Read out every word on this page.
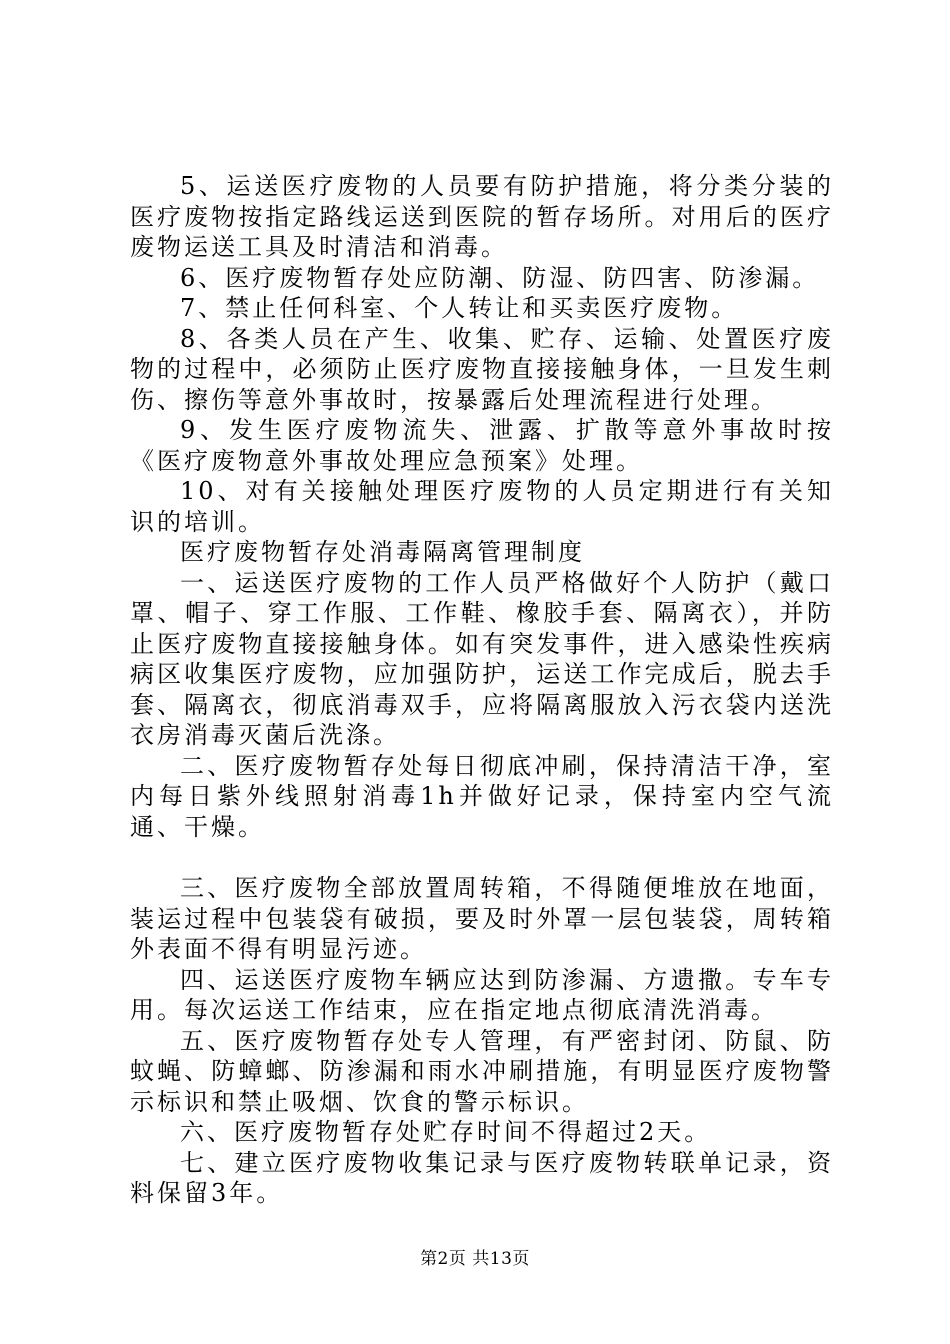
5、运送医疗废物的人员要有防护措施，将分类分装的医疗废物按指定路线运送到医院的暂存场所。对用后的医疗废物运送工具及时清洁和消毒。

6、医疗废物暂存处应防潮、防湿、防四害、防渗漏。

7、禁止任何科室、个人转让和买卖医疗废物。

8、各类人员在产生、收集、贮存、运输、处置医疗废物的过程中，必须防止医疗废物直接接触身体，一旦发生刺伤、擦伤等意外事故时，按暴露后处理流程进行处理。

9、发生医疗废物流失、泄露、扩散等意外事故时按《医疗废物意外事故处理应急预案》处理。

10、对有关接触处理医疗废物的人员定期进行有关知识的培训。

医疗废物暂存处消毒隔离管理制度

一、运送医疗废物的工作人员严格做好个人防护（戴口罩、帽子、穿工作服、工作鞋、橡胶手套、隔离衣），并防止医疗废物直接接触身体。如有突发事件，进入感染性疾病病区收集医疗废物，应加强防护，运送工作完成后，脱去手套、隔离衣，彻底消毒双手，应将隔离服放入污衣袋内送洗衣房消毒灭菌后洗涤。

二、医疗废物暂存处每日彻底冲刷，保持清洁干净，室内每日紫外线照射消毒1h并做好记录，保持室内空气流通、干燥。

三、医疗废物全部放置周转箱，不得随便堆放在地面，装运过程中包装袋有破损，要及时外罩一层包装袋，周转箱外表面不得有明显污迹。

四、运送医疗废物车辆应达到防渗漏、方遗撒。专车专用。每次运送工作结束，应在指定地点彻底清洗消毒。

五、医疗废物暂存处专人管理，有严密封闭、防鼠、防蚊蝇、防蟑螂、防渗漏和雨水冲刷措施，有明显医疗废物警示标识和禁止吸烟、饮食的警示标识。

六、医疗废物暂存处贮存时间不得超过2天。

七、建立医疗废物收集记录与医疗废物转联单记录，资料保留3年。

第2页 共13页
